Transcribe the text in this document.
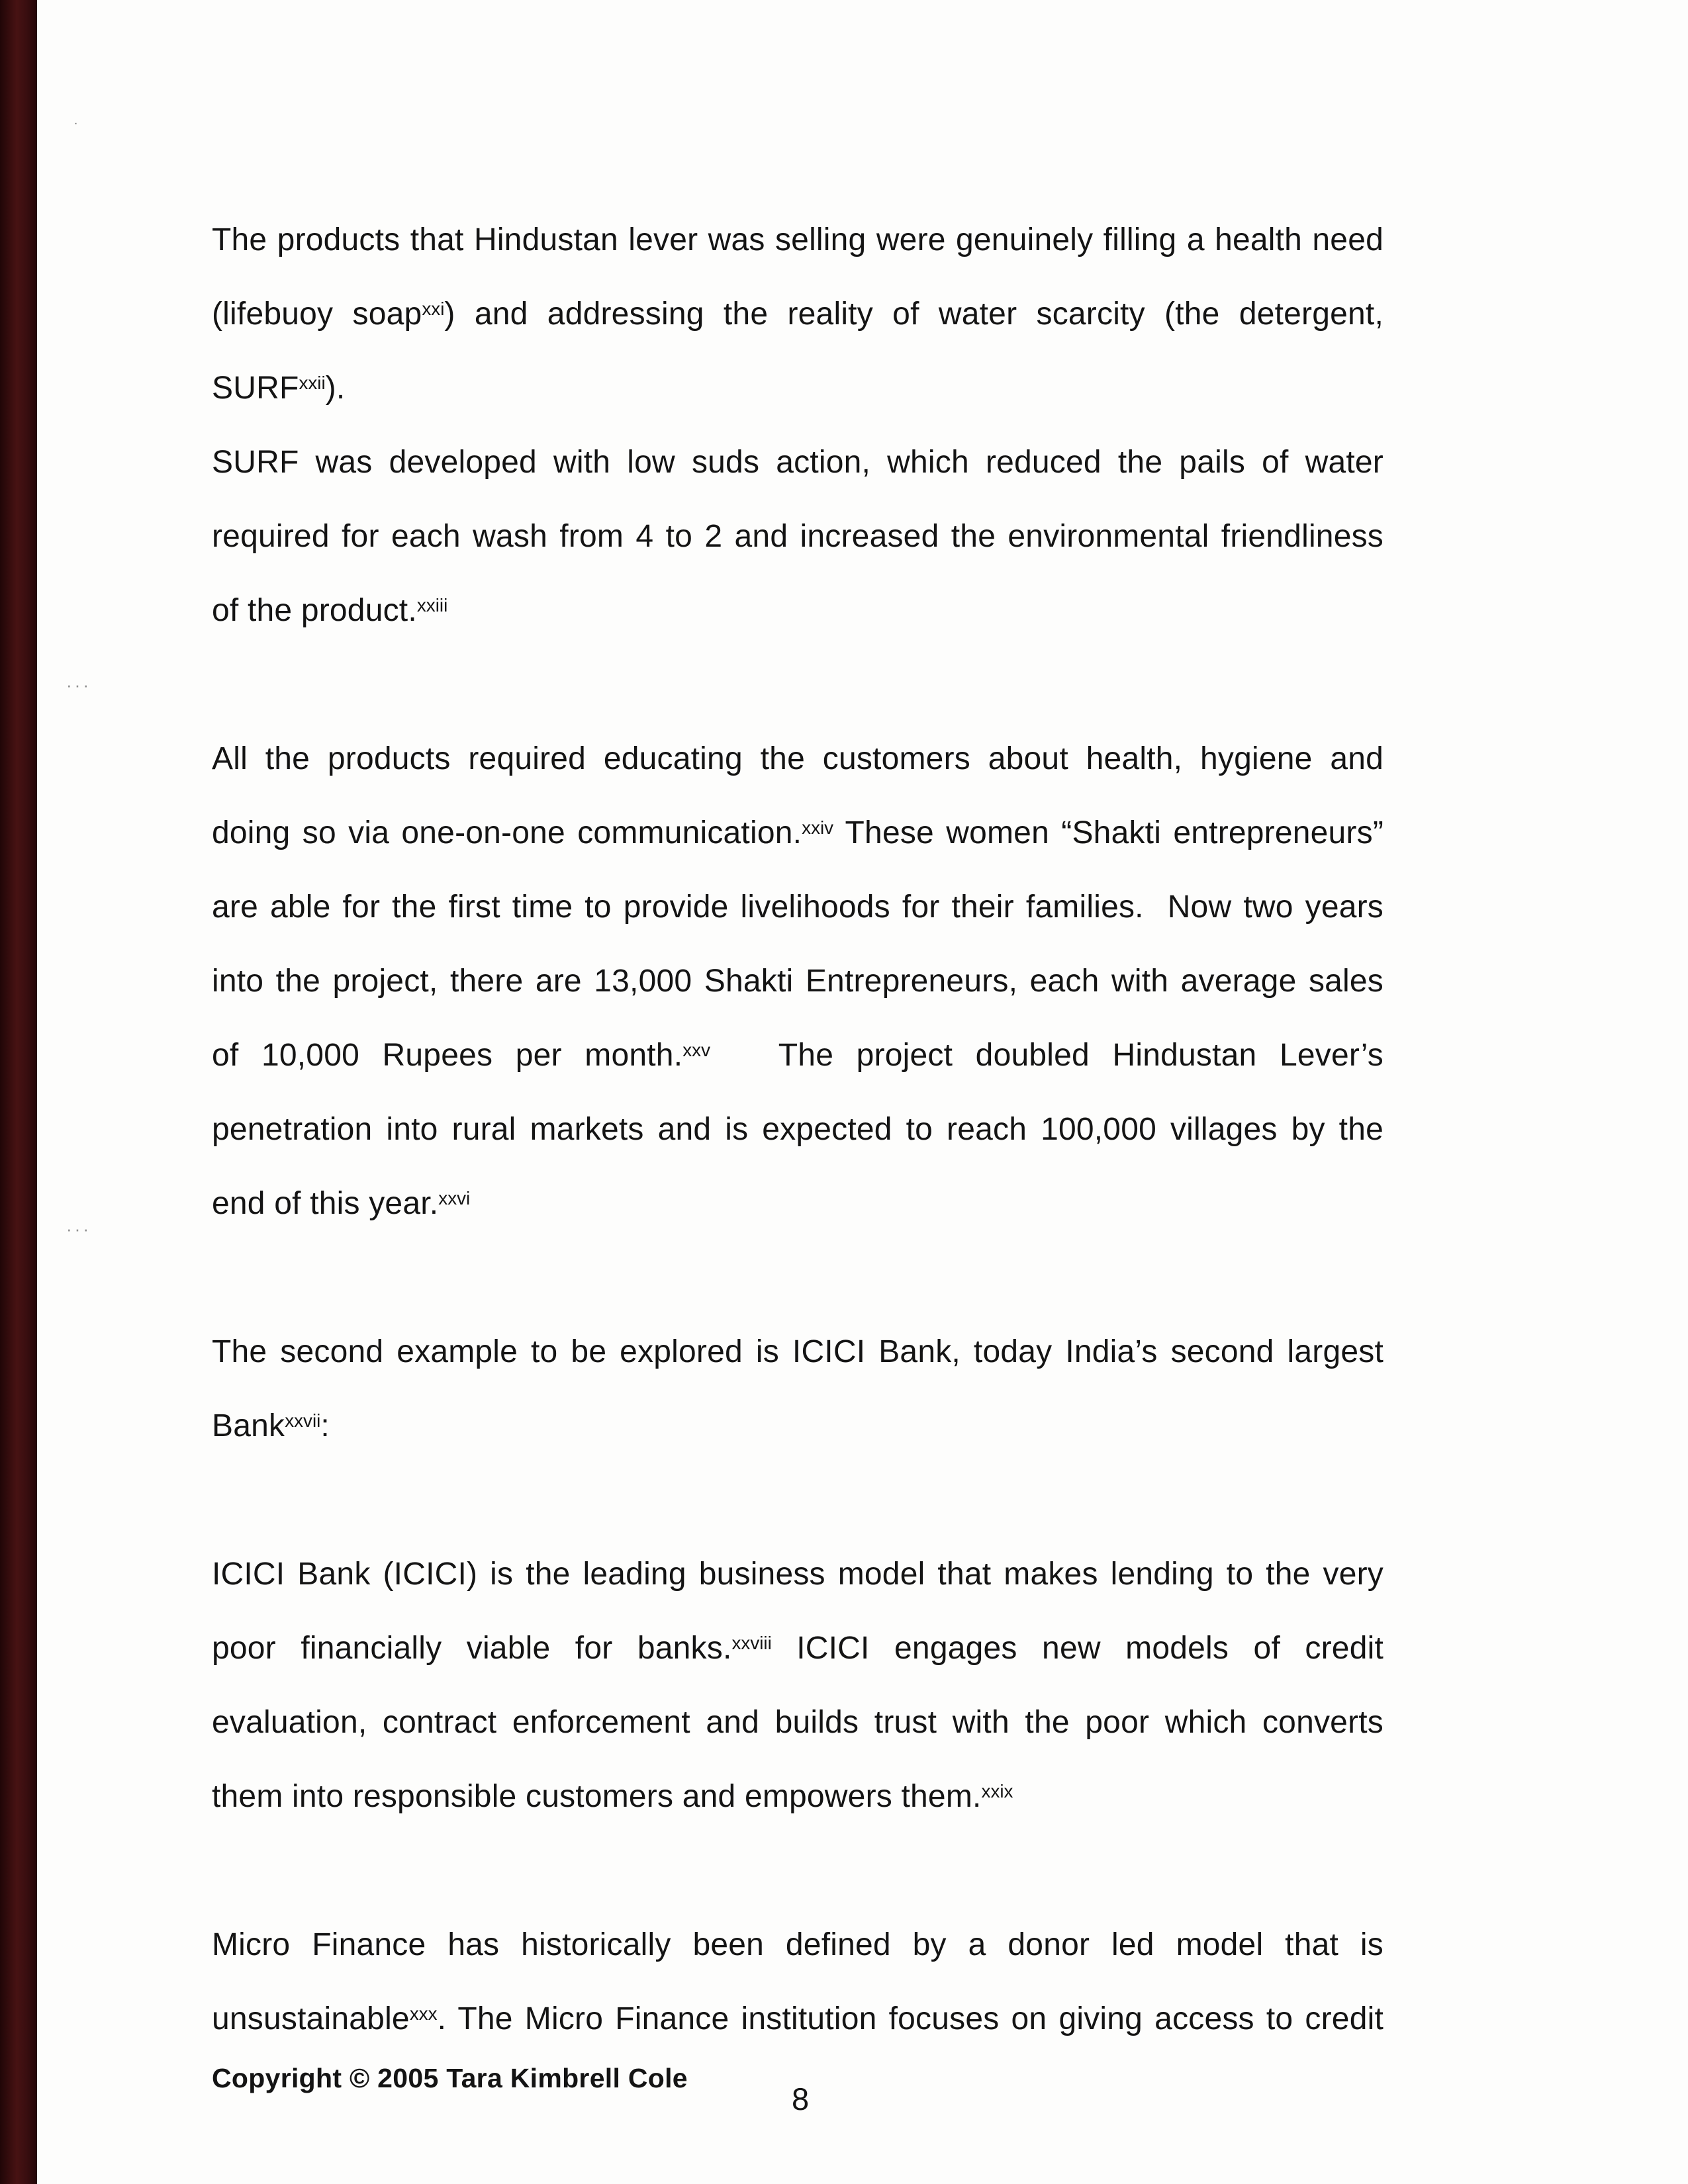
·
···
···
The products that Hindustan lever was selling were genuinely filling a health need
(lifebuoy soap$^{xxi}$) and addressing the reality of water scarcity (the detergent,
SURF$^{xxii}$).
SURF was developed with low suds action, which reduced the pails of water
required for each wash from 4 to 2 and increased the environmental friendliness
of the product.$^{xxiii}$
All the products required educating the customers about health, hygiene and
doing so via one-on-one communication.$^{xxiv}$ These women “Shakti entrepreneurs”
are able for the first time to provide livelihoods for their families.  Now two years
into the project, there are 13,000 Shakti Entrepreneurs, each with average sales
of 10,000 Rupees per month.$^{xxv}$   The project doubled Hindustan Lever’s
penetration into rural markets and is expected to reach 100,000 villages by the
end of this year.$^{xxvi}$
The second example to be explored is ICICI Bank, today India’s second largest
Bank$^{xxvii}$:
ICICI Bank (ICICI) is the leading business model that makes lending to the very
poor financially viable for banks.$^{xxviii}$ ICICI engages new models of credit
evaluation, contract enforcement and builds trust with the poor which converts
them into responsible customers and empowers them.$^{xxix}$
Micro Finance has historically been defined by a donor led model that is
unsustainable$^{xxx}$. The Micro Finance institution focuses on giving access to credit
Copyright © 2005 Tara Kimbrell Cole
8
